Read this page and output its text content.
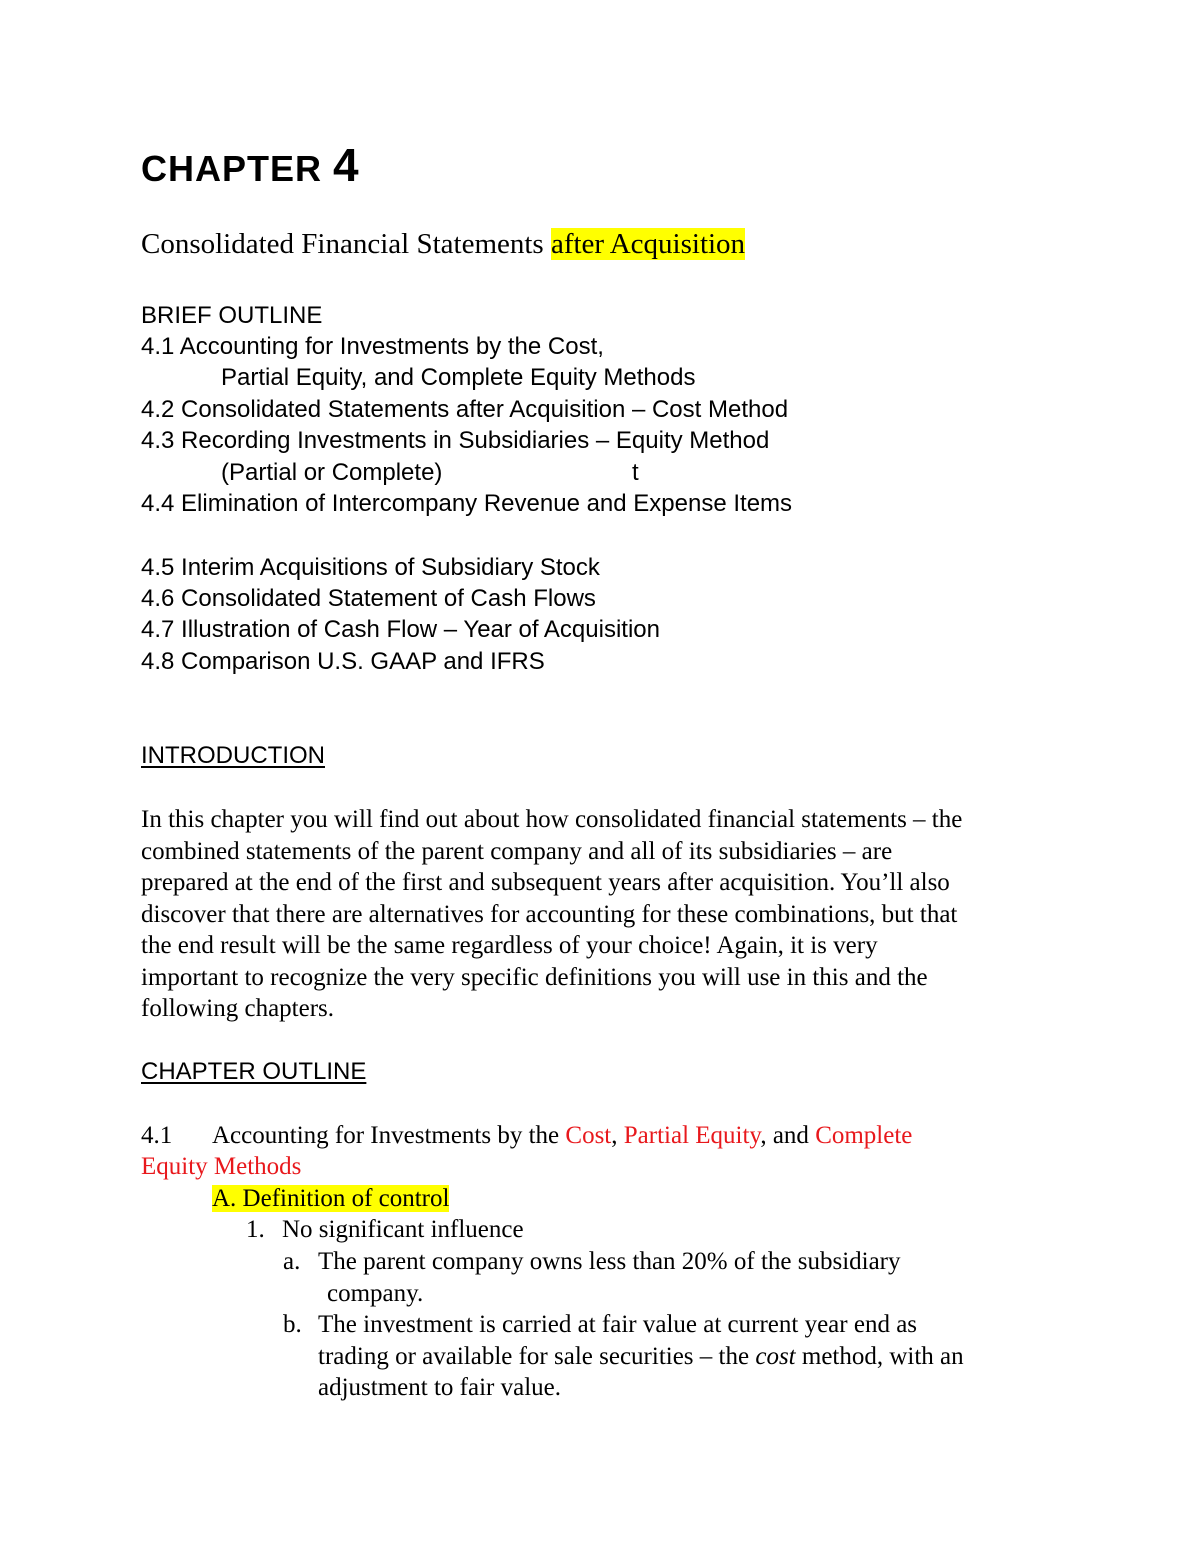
CHAPTER 4
Consolidated Financial Statements after Acquisition
BRIEF OUTLINE
4.1 Accounting for Investments by the Cost,
Partial Equity, and Complete Equity Methods
4.2 Consolidated Statements after Acquisition – Cost Method
4.3 Recording Investments in Subsidiaries – Equity Method
(Partial or Complete)	t
4.4 Elimination of Intercompany Revenue and Expense Items
4.5 Interim Acquisitions of Subsidiary Stock
4.6 Consolidated Statement of Cash Flows
4.7 Illustration of Cash Flow – Year of Acquisition
4.8 Comparison U.S. GAAP and IFRS
INTRODUCTION
In this chapter you will find out about how consolidated financial statements – the
combined statements of the parent company and all of its subsidiaries – are
prepared at the end of the first and subsequent years after acquisition. You’ll also
discover that there are alternatives for accounting for these combinations, but that
the end result will be the same regardless of your choice! Again, it is very
important to recognize the very specific definitions you will use in this and the
following chapters.
CHAPTER OUTLINE
4.1 Accounting for Investments by the Cost, Partial Equity, and Complete
Equity Methods
A. Definition of control
1. No significant influence
a. The parent company owns less than 20% of the subsidiary
company.
b. The investment is carried at fair value at current year end as
trading or available for sale securities – the cost method, with an
adjustment to fair value.
